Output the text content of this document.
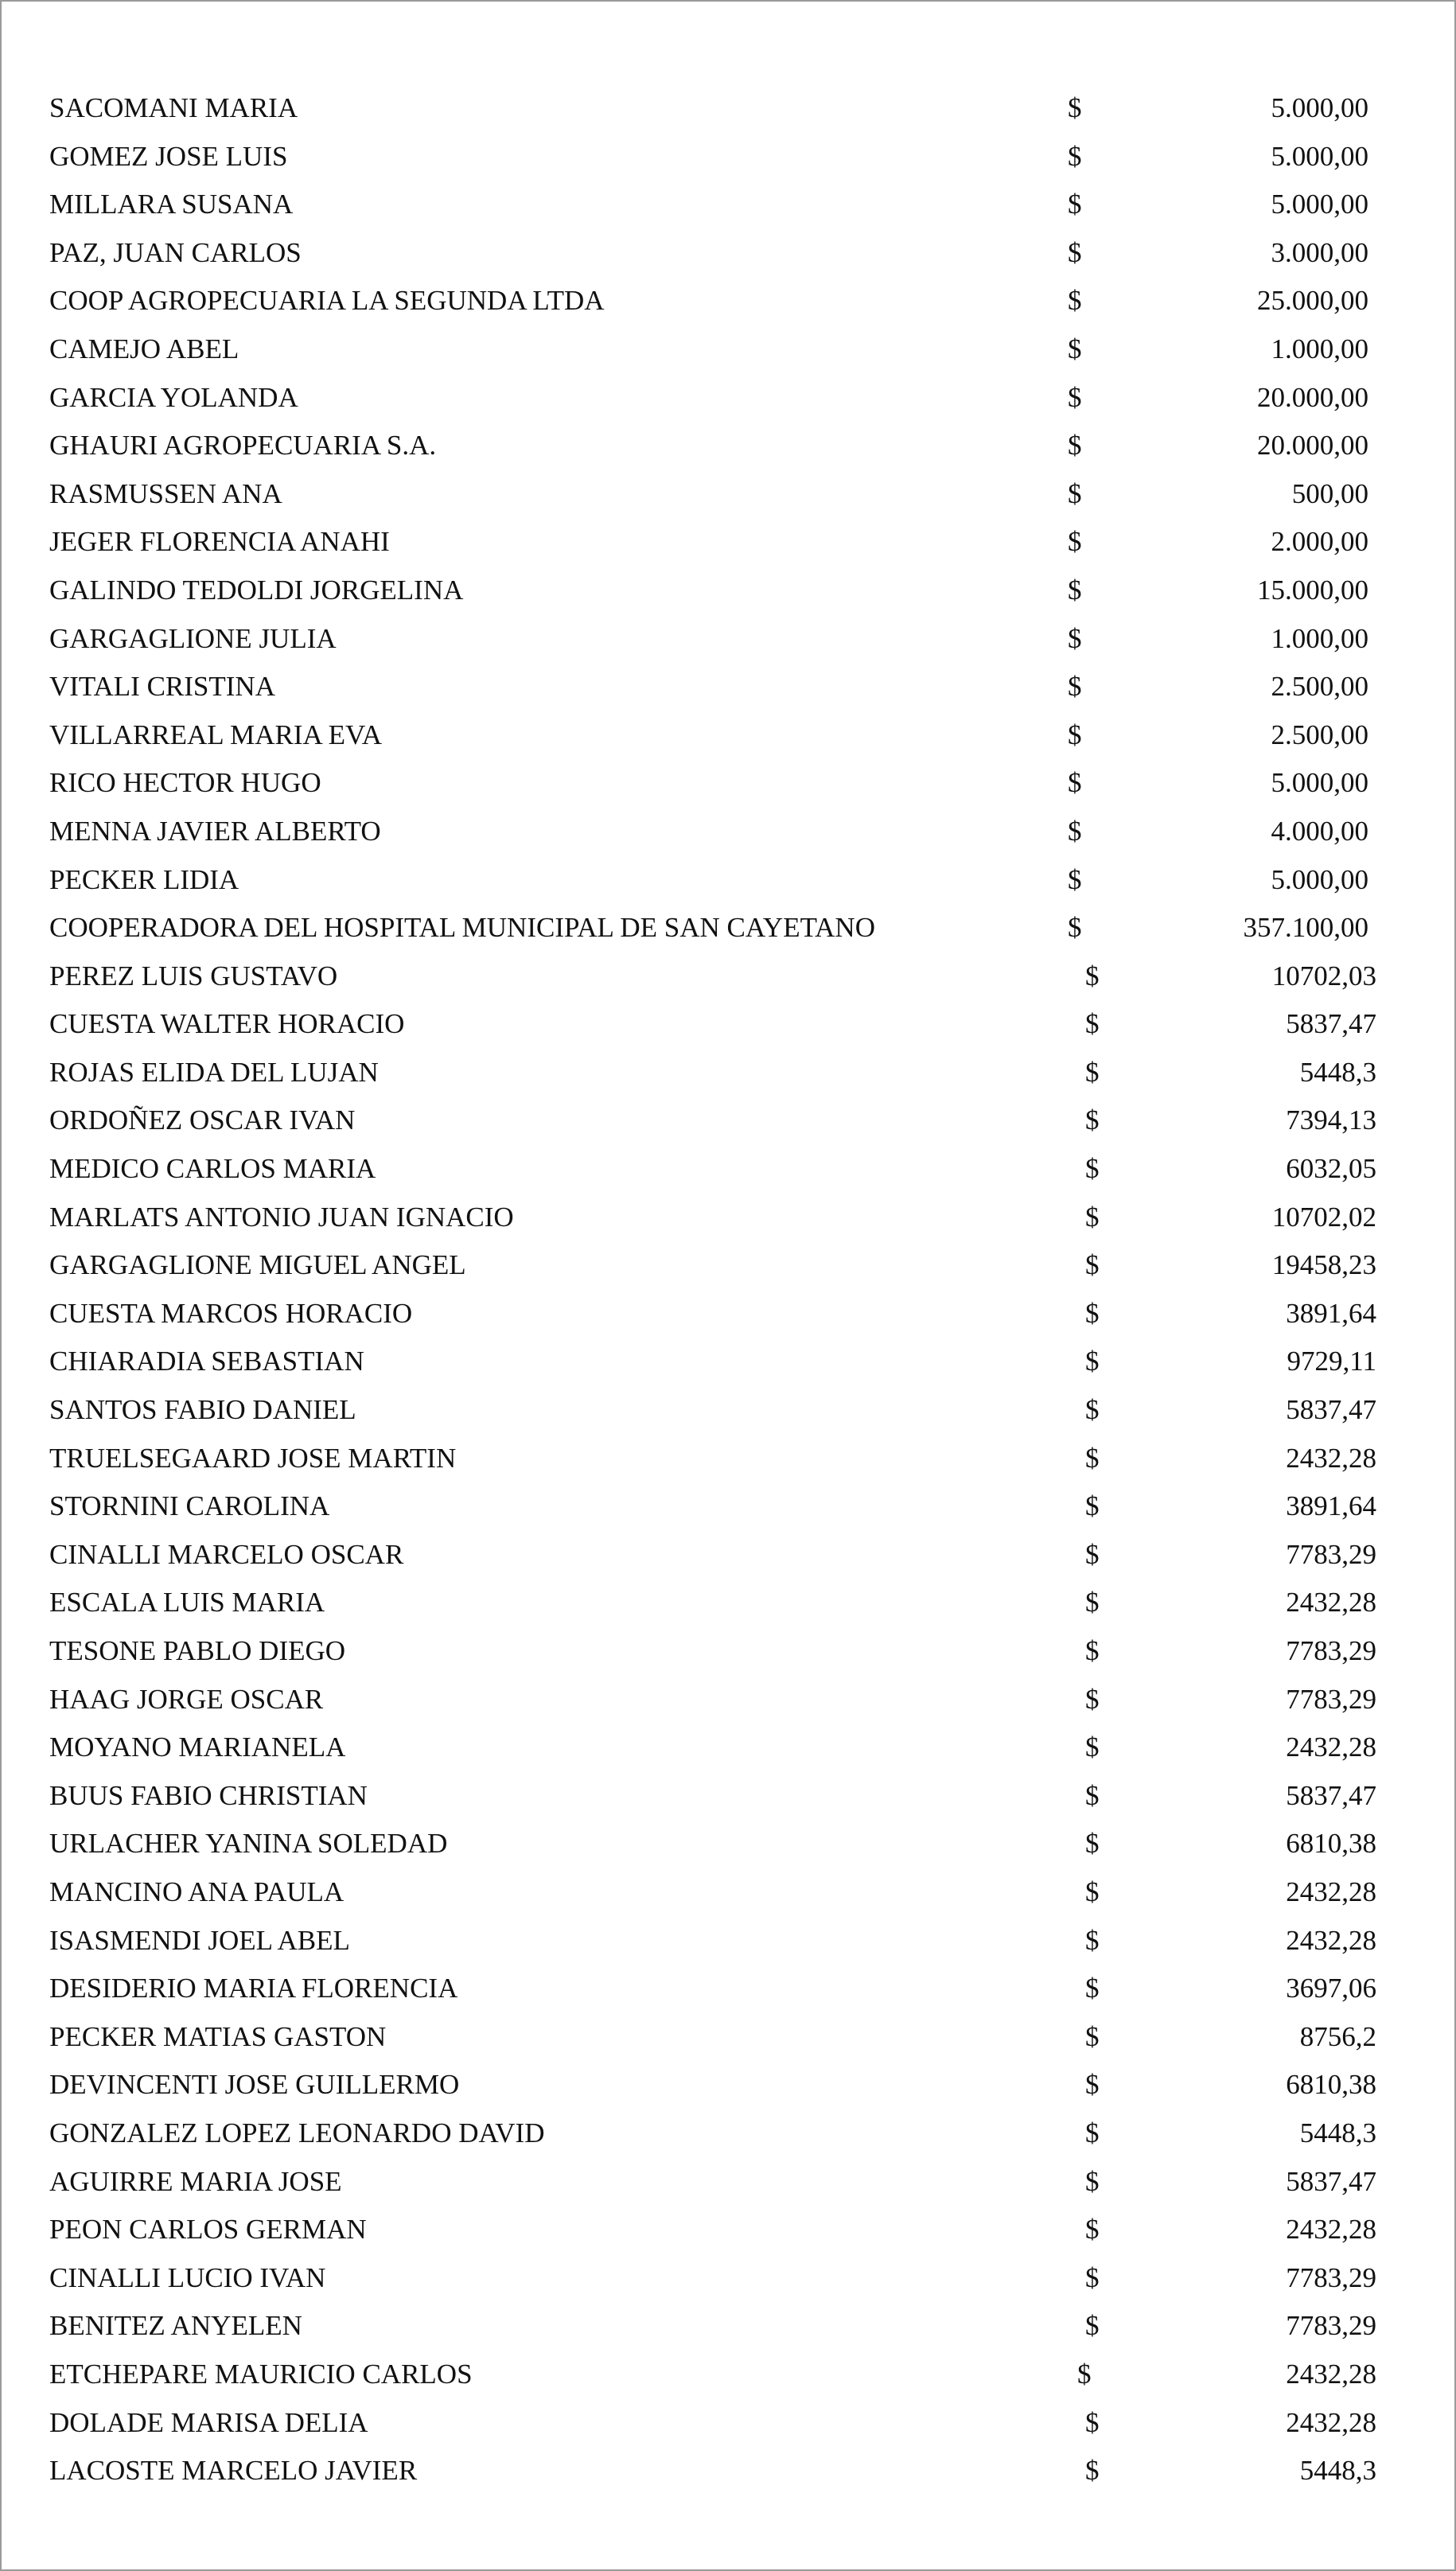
SACOMANI MARIA	$	5.000,00
GOMEZ JOSE LUIS	$	5.000,00
MILLARA SUSANA	$	5.000,00
PAZ, JUAN CARLOS	$	3.000,00
COOP AGROPECUARIA LA SEGUNDA LTDA	$	25.000,00
CAMEJO ABEL	$	1.000,00
GARCIA YOLANDA	$	20.000,00
GHAURI AGROPECUARIA S.A.	$	20.000,00
RASMUSSEN ANA	$	500,00
JEGER FLORENCIA ANAHI	$	2.000,00
GALINDO TEDOLDI JORGELINA	$	15.000,00
GARGAGLIONE JULIA	$	1.000,00
VITALI CRISTINA	$	2.500,00
VILLARREAL MARIA EVA	$	2.500,00
RICO HECTOR HUGO	$	5.000,00
MENNA JAVIER ALBERTO	$	4.000,00
PECKER LIDIA	$	5.000,00
COOPERADORA DEL HOSPITAL MUNICIPAL DE SAN CAYETANO	$	357.100,00
PEREZ LUIS GUSTAVO	$	10702,03
CUESTA WALTER HORACIO	$	5837,47
ROJAS ELIDA DEL LUJAN	$	5448,3
ORDOÑEZ OSCAR IVAN	$	7394,13
MEDICO CARLOS MARIA	$	6032,05
MARLATS ANTONIO JUAN IGNACIO	$	10702,02
GARGAGLIONE MIGUEL ANGEL	$	19458,23
CUESTA MARCOS HORACIO	$	3891,64
CHIARADIA SEBASTIAN	$	9729,11
SANTOS FABIO DANIEL	$	5837,47
TRUELSEGAARD JOSE MARTIN	$	2432,28
STORNINI CAROLINA	$	3891,64
CINALLI MARCELO OSCAR	$	7783,29
ESCALA LUIS MARIA	$	2432,28
TESONE PABLO DIEGO	$	7783,29
HAAG JORGE OSCAR	$	7783,29
MOYANO MARIANELA	$	2432,28
BUUS FABIO CHRISTIAN	$	5837,47
URLACHER YANINA SOLEDAD	$	6810,38
MANCINO ANA PAULA	$	2432,28
ISASMENDI JOEL ABEL	$	2432,28
DESIDERIO MARIA FLORENCIA	$	3697,06
PECKER MATIAS GASTON	$	8756,2
DEVINCENTI JOSE GUILLERMO	$	6810,38
GONZALEZ LOPEZ LEONARDO DAVID	$	5448,3
AGUIRRE MARIA JOSE	$	5837,47
PEON CARLOS GERMAN	$	2432,28
CINALLI LUCIO IVAN	$	7783,29
BENITEZ ANYELEN	$	7783,29
ETCHEPARE MAURICIO CARLOS	$	2432,28
DOLADE MARISA DELIA	$	2432,28
LACOSTE MARCELO JAVIER	$	5448,3
